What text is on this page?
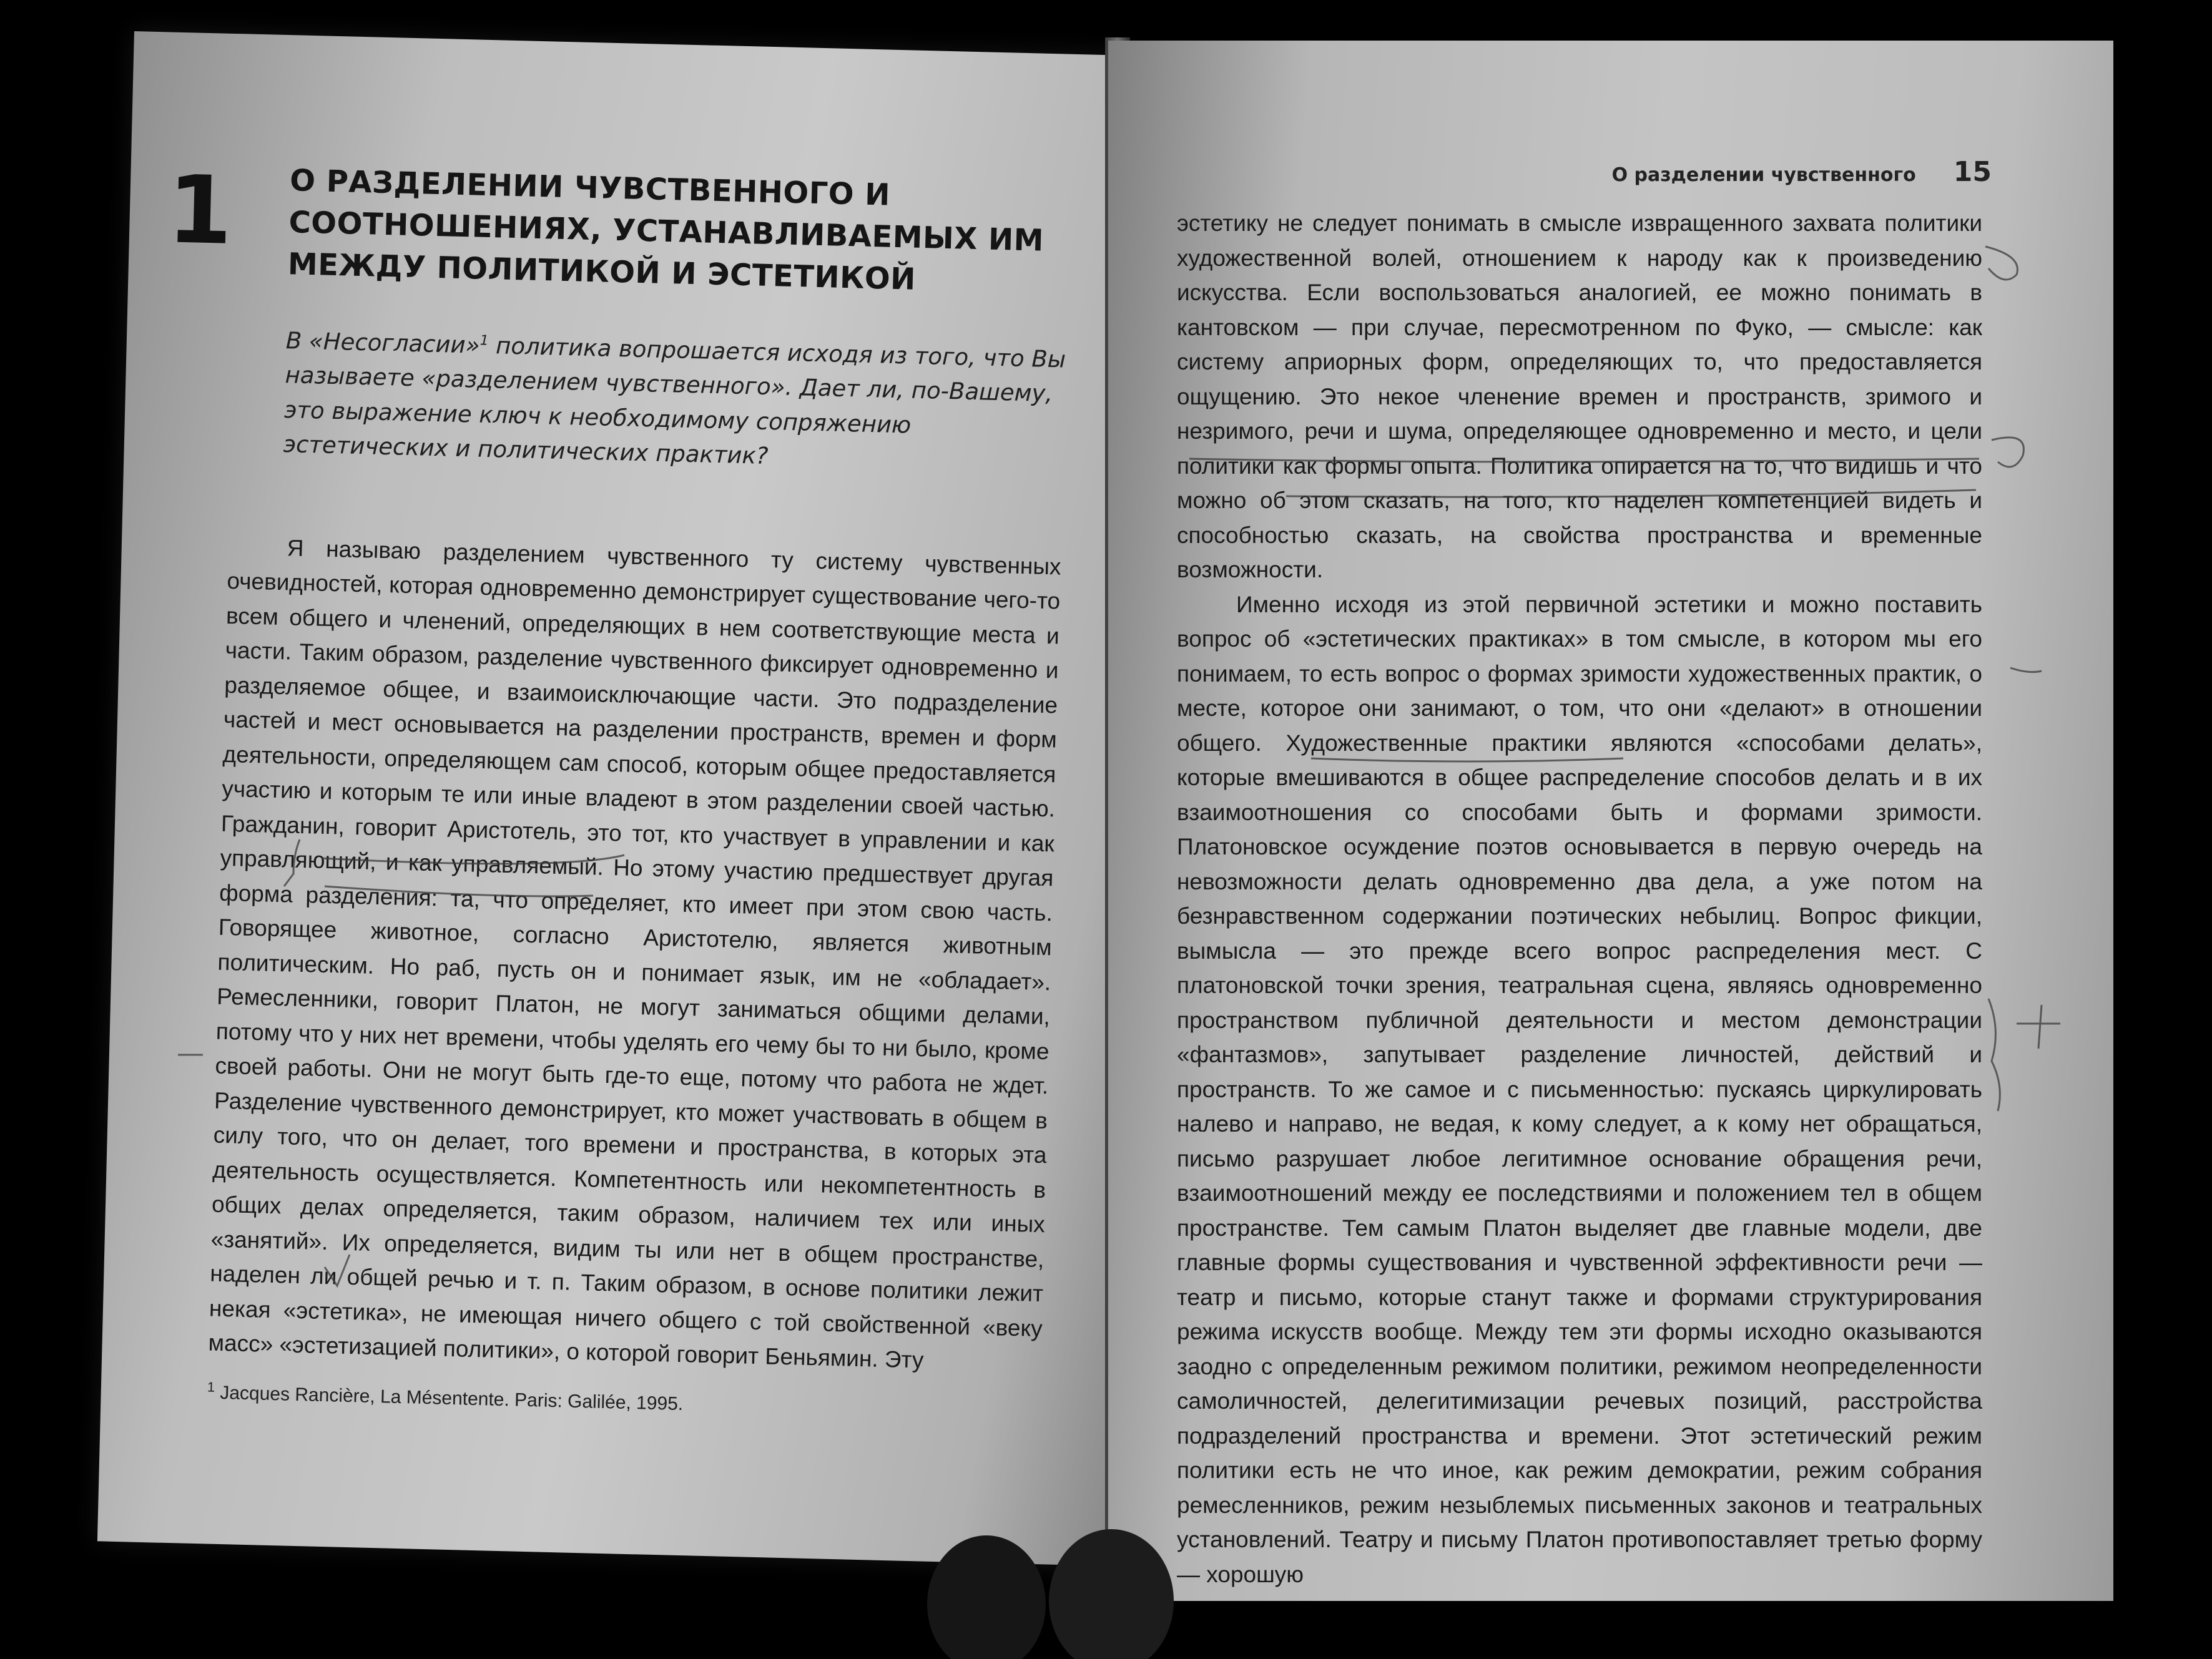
1 О РАЗДЕЛЕНИИ ЧУВСТВЕННОГО И СООТНОШЕНИЯХ, УСТАНАВЛИВАЕМЫХ ИМ МЕЖДУ ПОЛИТИКОЙ И ЭСТЕТИКОЙ

В «Несогласии»$^1$ политика вопрошается исходя из того, что Вы называете «разделением чувственного». Дает ли, по-Вашему, это выражение ключ к необходимому сопряжению эстетических и политических практик?

Я называю разделением чувственного ту систему чувственных очевидностей, которая одновременно демонстрирует существование чего-то всем общего и членений, определяющих в нем соответствующие места и части. Таким образом, разделение чувственного фиксирует одновременно и разделяемое общее, и взаимоисключающие части. Это подразделение частей и мест основывается на разделении пространств, времен и форм деятельности, определяющем сам способ, которым общее предоставляется участию и которым те или иные владеют в этом разделении своей частью. Гражданин, говорит Аристотель, это тот, кто участвует в управлении и как управляющий, и как управляемый. Но этому участию предшествует другая форма разделения: та, что определяет, кто имеет при этом свою часть. Говорящее животное, согласно Аристотелю, является животным политическим. Но раб, пусть он и понимает язык, им не «обладает». Ремесленники, говорит Платон, не могут заниматься общими делами, потому что у них нет времени, чтобы уделять его чему бы то ни было, кроме своей работы. Они не могут быть где-то еще, потому что работа не ждет. Разделение чувственного демонстрирует, кто может участвовать в общем в силу того, что он делает, того времени и пространства, в которых эта деятельность осуществляется. Компетентность или некомпетентность в общих делах определяется, таким образом, наличием тех или иных «занятий». Их определяется, видим ты или нет в общем пространстве, наделен ли общей речью и т. п. Таким образом, в основе политики лежит некая «эстетика», не имеющая ничего общего с той свойственной «веку масс» «эстетизацией политики», о которой говорит Беньямин. Эту

$^1$ Jacques Rancière, La Mésentente. Paris: Galilée, 1995.
О разделении чувственного 15

эстетику не следует понимать в смысле извращенного захвата политики художественной волей, отношением к народу как к произведению искусства. Если воспользоваться аналогией, ее можно понимать в кантовском — при случае, пересмотренном по Фуко, — смысле: как систему априорных форм, определяющих то, что предоставляется ощущению. Это некое членение времен и пространств, зримого и незримого, речи и шума, определяющее одновременно и место, и цели политики как формы опыта. Политика опирается на то, что видишь и что можно об этом сказать, на того, кто наделен компетенцией видеть и способностью сказать, на свойства пространства и временные возможности.

Именно исходя из этой первичной эстетики и можно поставить вопрос об «эстетических практиках» в том смысле, в котором мы его понимаем, то есть вопрос о формах зримости художественных практик, о месте, которое они занимают, о том, что они «делают» в отношении общего. Художественные практики являются «способами делать», которые вмешиваются в общее распределение способов делать и в их взаимоотношения со способами быть и формами зримости. Платоновское осуждение поэтов основывается в первую очередь на невозможности делать одновременно два дела, а уже потом на безнравственном содержании поэтических небылиц. Вопрос фикции, вымысла — это прежде всего вопрос распределения мест. С платоновской точки зрения, театральная сцена, являясь одновременно пространством публичной деятельности и местом демонстрации «фантазмов», запутывает разделение личностей, действий и пространств. То же самое и с письменностью: пускаясь циркулировать налево и направо, не ведая, к кому следует, а к кому нет обращаться, письмо разрушает любое легитимное основание обращения речи, взаимоотношений между ее последствиями и положением тел в общем пространстве. Тем самым Платон выделяет две главные модели, две главные формы существования и чувственной эффективности речи — театр и письмо, которые станут также и формами структурирования режима искусств вообще. Между тем эти формы исходно оказываются заодно с определенным режимом политики, режимом неопределенности самоличностей, делегитимизации речевых позиций, расстройства подразделений пространства и времени. Этот эстетический режим политики есть не что иное, как режим демократии, режим собрания ремесленников, режим незыблемых письменных законов и театральных установлений. Театру и письму Платон противопоставляет третью форму — хорошую
